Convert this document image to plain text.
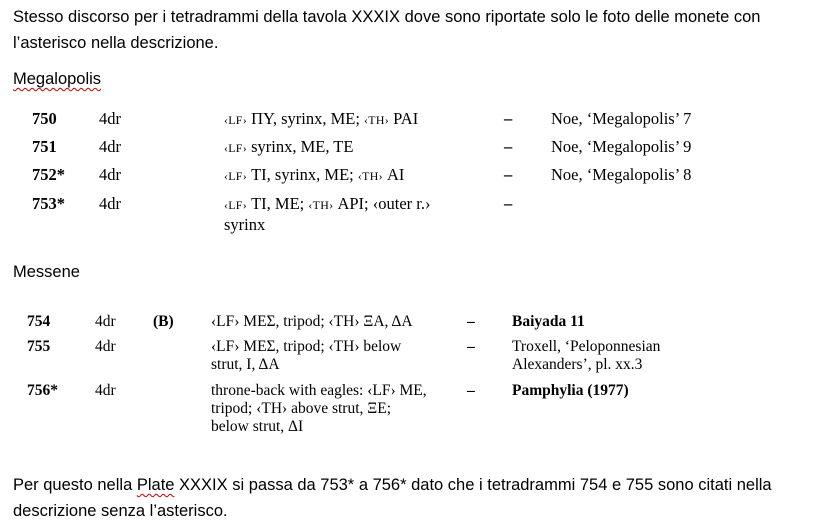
Stesso discorso per i tetradrammi della tavola XXXIX dove sono riportate solo le foto delle monete con l’asterisco nella descrizione.
Megalopolis
750	4dr	‹LF› ΠΥ, syrinx, ΜΕ; ‹TH› ΡΑΙ	– Noe, ‘Megalopolis’ 7
751	4dr	‹LF› syrinx, ΜΕ, ΤΕ	– Noe, ‘Megalopolis’ 9
752* 4dr	‹LF› ΤΙ, syrinx, ΜΕ; ‹TH› ΑΙ	– Noe, ‘Megalopolis’ 8
753* 4dr	‹LF› ΤΙ, ΜΕ; ‹TH› ΑΡΙ; ‹outer r.›
syrinx
–
Messene
754	4dr (B) ‹LF› ΜΕΣ, tripod; ‹TH› ΞΑ, ΔΑ	– Baiyada 11
755	4dr	‹LF› ΜΕΣ, tripod; ‹TH› below
strut, Ι, ΔΑ
– Troxell, ‘Peloponnesian
Alexanders’, pl. xx.3
756* 4dr	throne-back with eagles: ‹LF› ΜΕ,
tripod; ‹TH› above strut, ΞΕ;
below strut, ΔΙ
– Pamphylia (1977)
Per questo nella Plate XXXIX si passa da 753* a 756* dato che i tetradrammi 754 e 755 sono citati nella descrizione senza l’asterisco.
